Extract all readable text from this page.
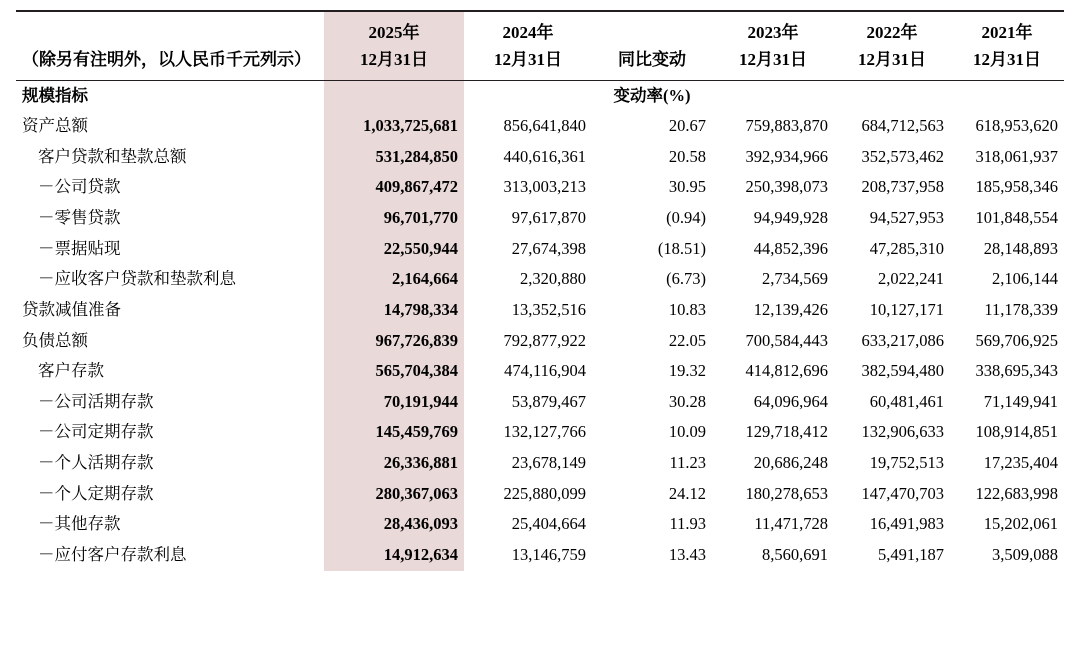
	2025年	2024年		2023年	2022年	2021年

（除另有注明外，以人民币千元列示）	12月31日	12月31日	同比变动	12月31日	12月31日	12月31日

规模指标			变动率(%)			

资产总额	1,033,725,681	856,641,840	20.67	759,883,870	684,712,563	618,953,620

客户贷款和垫款总额	531,284,850	440,616,361	20.58	392,934,966	352,573,462	318,061,937

－公司贷款	409,867,472	313,003,213	30.95	250,398,073	208,737,958	185,958,346

－零售贷款	96,701,770	97,617,870	(0.94)	94,949,928	94,527,953	101,848,554

－票据贴现	22,550,944	27,674,398	(18.51)	44,852,396	47,285,310	28,148,893

－应收客户贷款和垫款利息	2,164,664	2,320,880	(6.73)	2,734,569	2,022,241	2,106,144

贷款减值准备	14,798,334	13,352,516	10.83	12,139,426	10,127,171	11,178,339

负债总额	967,726,839	792,877,922	22.05	700,584,443	633,217,086	569,706,925

客户存款	565,704,384	474,116,904	19.32	414,812,696	382,594,480	338,695,343

－公司活期存款	70,191,944	53,879,467	30.28	64,096,964	60,481,461	71,149,941

－公司定期存款	145,459,769	132,127,766	10.09	129,718,412	132,906,633	108,914,851

－个人活期存款	26,336,881	23,678,149	11.23	20,686,248	19,752,513	17,235,404

－个人定期存款	280,367,063	225,880,099	24.12	180,278,653	147,470,703	122,683,998

－其他存款	28,436,093	25,404,664	11.93	11,471,728	16,491,983	15,202,061

－应付客户存款利息	14,912,634	13,146,759	13.43	8,560,691	5,491,187	3,509,088
